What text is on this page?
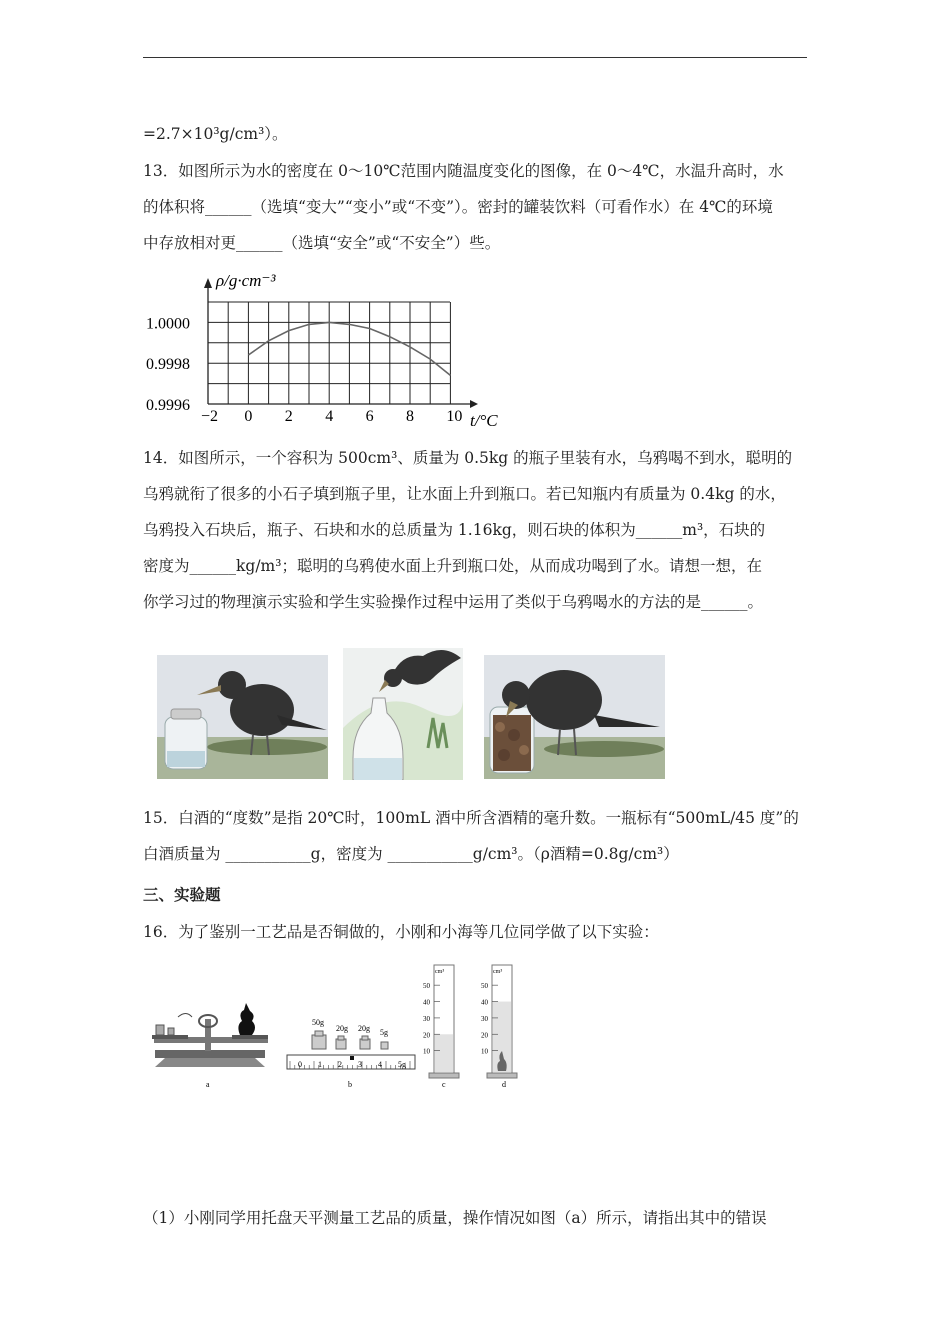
=2.7×10³g/cm³）。
13．如图所示为水的密度在 0～10℃范围内随温度变化的图像，在 0～4℃，水温升高时，水
的体积将______（选填“变大”“变小”或“不变”）。密封的罐装饮料（可看作水）在 4℃的环境
中存放相对更______（选填“安全”或“不安全”）些。
−2 0 2 4 6 8 10
1.0000
0.9998
0.9996
ρ/g·cm⁻³
t/°C
14．如图所示，一个容积为 500cm³、质量为 0.5kg 的瓶子里装有水，乌鸦喝不到水，聪明的
乌鸦就衔了很多的小石子填到瓶子里，让水面上升到瓶口。若已知瓶内有质量为 0.4kg 的水，
乌鸦投入石块后，瓶子、石块和水的总质量为 1.16kg，则石块的体积为______m³，石块的
密度为______kg/m³；聪明的乌鸦使水面上升到瓶口处，从而成功喝到了水。请想一想，在
你学习过的物理演示实验和学生实验操作过程中运用了类似于乌鸦喝水的方法的是______。
15．白酒的“度数”是指 20℃时，100mL 酒中所含酒精的毫升数。一瓶标有“500mL/45 度”的
白酒质量为 ___________g，密度为 ___________g/cm³。（ρ酒精=0.8g/cm³）
三、实验题
16．为了鉴别一工艺品是否铜做的，小刚和小海等几位同学做了以下实验：
a
50g
20g 20g 5g
0 1 2 3 4 5g
b
cm³
50
40
30
20
10
cm³
50
40
30
20
10
c	d
（1）小刚同学用托盘天平测量工艺品的质量，操作情况如图（a）所示，请指出其中的错误
